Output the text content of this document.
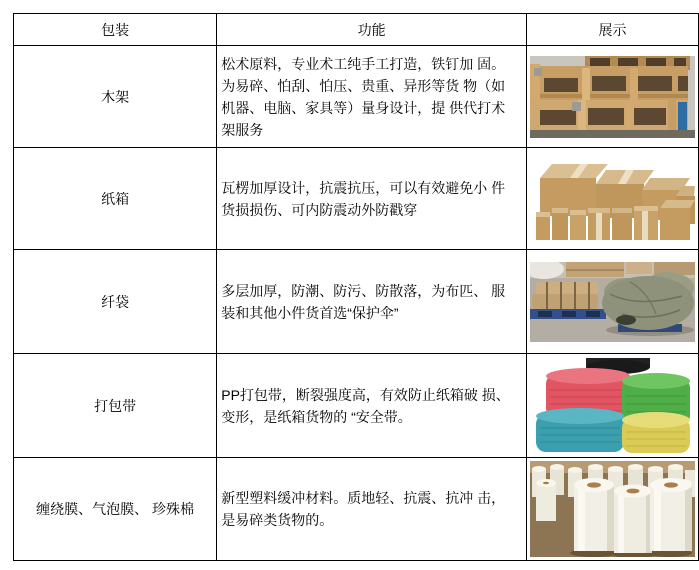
包装	功能	展示
木架	松术原料，专业术工纯手工打造，铁钉加 固。为易碎、怕刮、怕压、贵重、异形等货 物（如机器、电脑、家具等）量身设计，提 供代打术架服务	

纸箱	瓦楞加厚设计，抗震抗压，可以有效避免小 件货损损伤、可内防震动外防戳穿	

纤袋	多层加厚，防潮、防污、防散落，为布匹、 服装和其他小件货首选“保护伞”	

打包带	PP打包带，断裂强度高，有效防止纸箱破 损、变形，是纸箱货物的 “安全带。	

缠绕膜、气泡膜、 珍殊棉	新型塑料缓冲材料。质地轻、抗震、抗冲 击，是易碎类货物的。	
